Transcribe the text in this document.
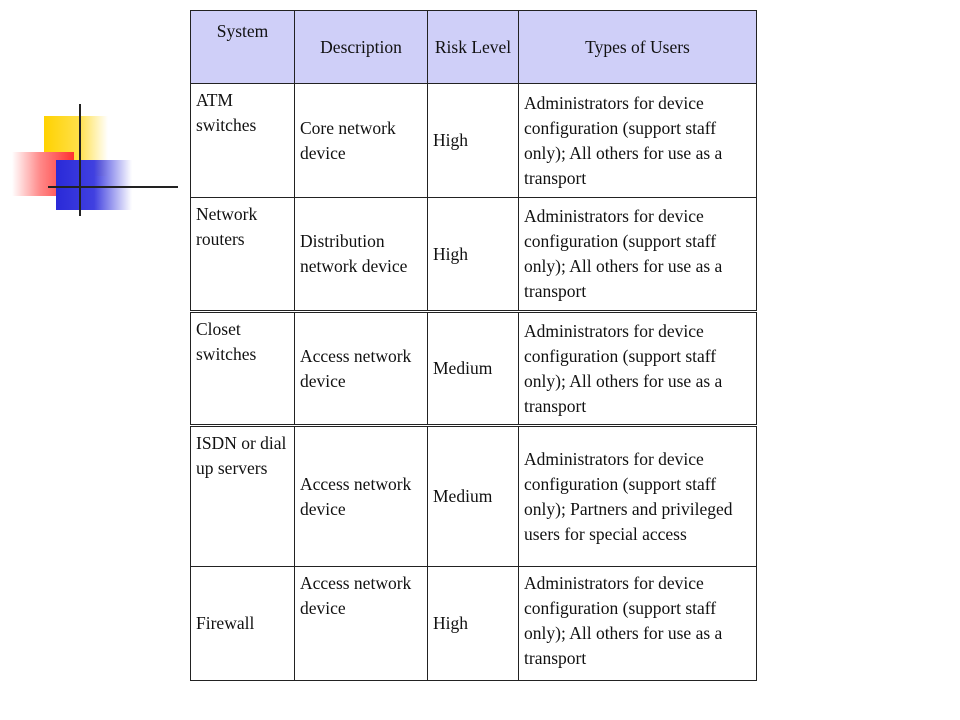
System	Description	Risk Level	Types of Users
ATM switches	Core network device	High	Administrators for device configuration (support staff only); All others for use as a transport
Network routers	Distribution network device	High	Administrators for device configuration (support staff only); All others for use as a transport
Closet switches	Access network device	Medium	Administrators for device configuration (support staff only); All others for use as a transport
ISDN or dial up servers	Access network device	Medium	Administrators for device configuration (support staff only); Partners and privileged users for special access
Firewall	Access network device	High	Administrators for device configuration (support staff only); All others for use as a transport
